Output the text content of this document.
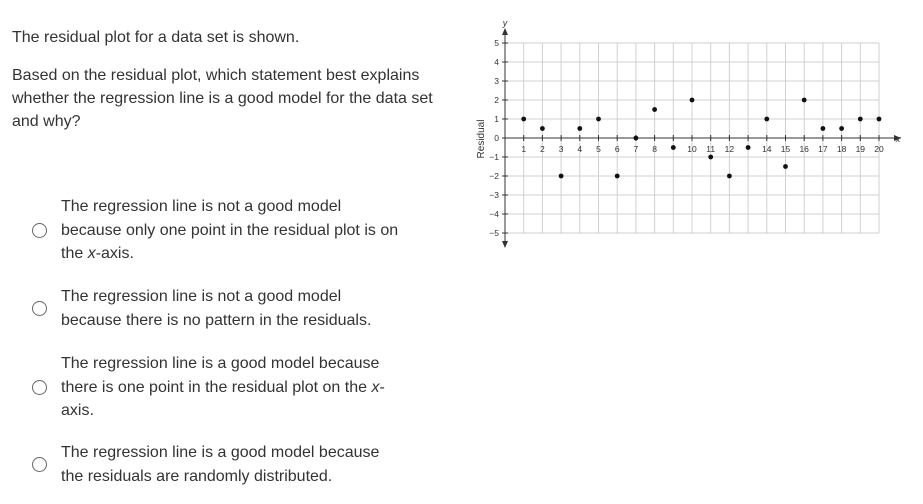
The residual plot for a data set is shown.

Based on the residual plot, which statement best explains whether the regression line is a good model for the data set and why?

The regression line is not a good model because only one point in the residual plot is on the x-axis.
The regression line is not a good model because there is no pattern in the residuals.
The regression line is a good model because there is one point in the residual plot on the x-axis.
The regression line is a good model because the residuals are randomly distributed.
1 2 3 4 5 6 7 8	10 11 12	14 15 16 17 18 19 20
−5
−4
−3
−2
−1
0
1
2
3
4
5
Residual
y
x
